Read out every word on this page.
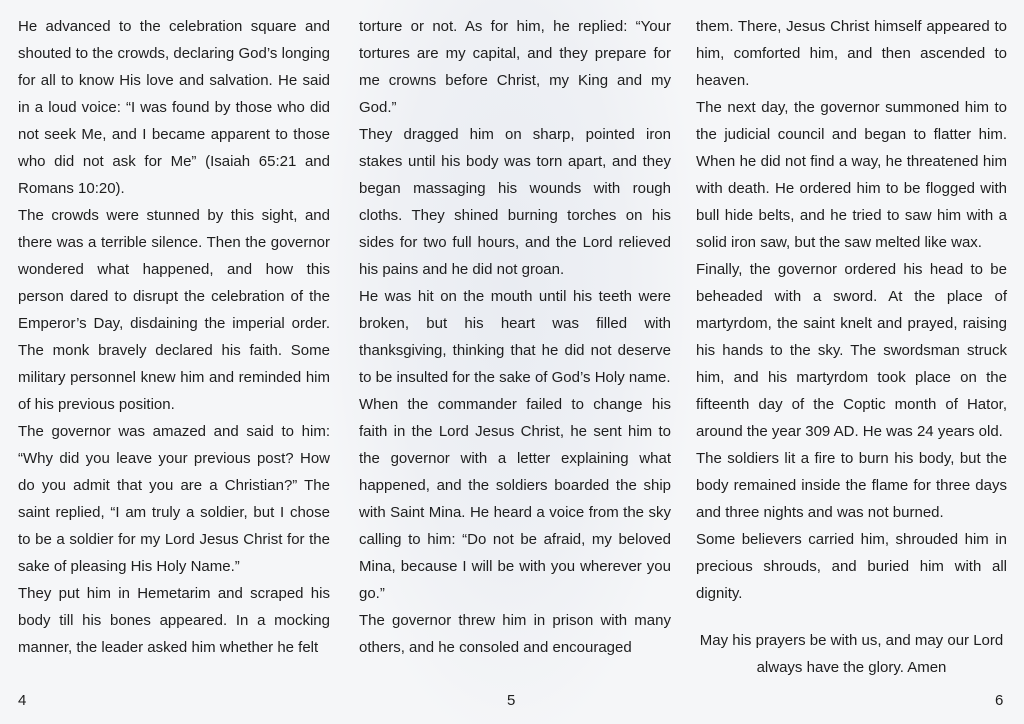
He advanced to the celebration square and shouted to the crowds, declaring God’s longing for all to know His love and salvation. He said in a loud voice: “I was found by those who did not seek Me, and I became apparent to those who did not ask for Me” (Isaiah 65:21 and Romans 10:20).

The crowds were stunned by this sight, and there was a terrible silence. Then the governor wondered what happened, and how this person dared to disrupt the celebration of the Emperor’s Day, disdaining the imperial order. The monk bravely declared his faith. Some military personnel knew him and reminded him of his previous position.

The governor was amazed and said to him: “Why did you leave your previous post? How do you admit that you are a Christian?” The saint replied, “I am truly a soldier, but I chose to be a soldier for my Lord Jesus Christ for the sake of pleasing His Holy Name.”

They put him in Hemetarim and scraped his body till his bones appeared. In a mocking manner, the leader asked him whether he felt

torture or not. As for him, he replied: “Your tortures are my capital, and they prepare for me crowns before Christ, my King and my God.”

They dragged him on sharp, pointed iron stakes until his body was torn apart, and they began massaging his wounds with rough cloths. They shined burning torches on his sides for two full hours, and the Lord relieved his pains and he did not groan.

He was hit on the mouth until his teeth were broken, but his heart was filled with thanksgiving, thinking that he did not deserve to be insulted for the sake of God’s Holy name.

When the commander failed to change his faith in the Lord Jesus Christ, he sent him to the governor with a letter explaining what happened, and the soldiers boarded the ship with Saint Mina. He heard a voice from the sky calling to him: “Do not be afraid, my beloved Mina, because I will be with you wherever you go.”

The governor threw him in prison with many others, and he consoled and encouraged

them. There, Jesus Christ himself appeared to him, comforted him, and then ascended to heaven.

The next day, the governor summoned him to the judicial council and began to flatter him. When he did not find a way, he threatened him with death. He ordered him to be flogged with bull hide belts, and he tried to saw him with a solid iron saw, but the saw melted like wax.

Finally, the governor ordered his head to be beheaded with a sword. At the place of martyrdom, the saint knelt and prayed, raising his hands to the sky. The swordsman struck him, and his martyrdom took place on the fifteenth day of the Coptic month of Hator, around the year 309 AD. He was 24 years old.

The soldiers lit a fire to burn his body, but the body remained inside the flame for three days and three nights and was not burned.

Some believers carried him, shrouded him in precious shrouds, and buried him with all dignity.

May his prayers be with us, and may our Lord always have the glory. Amen

4	5	6
